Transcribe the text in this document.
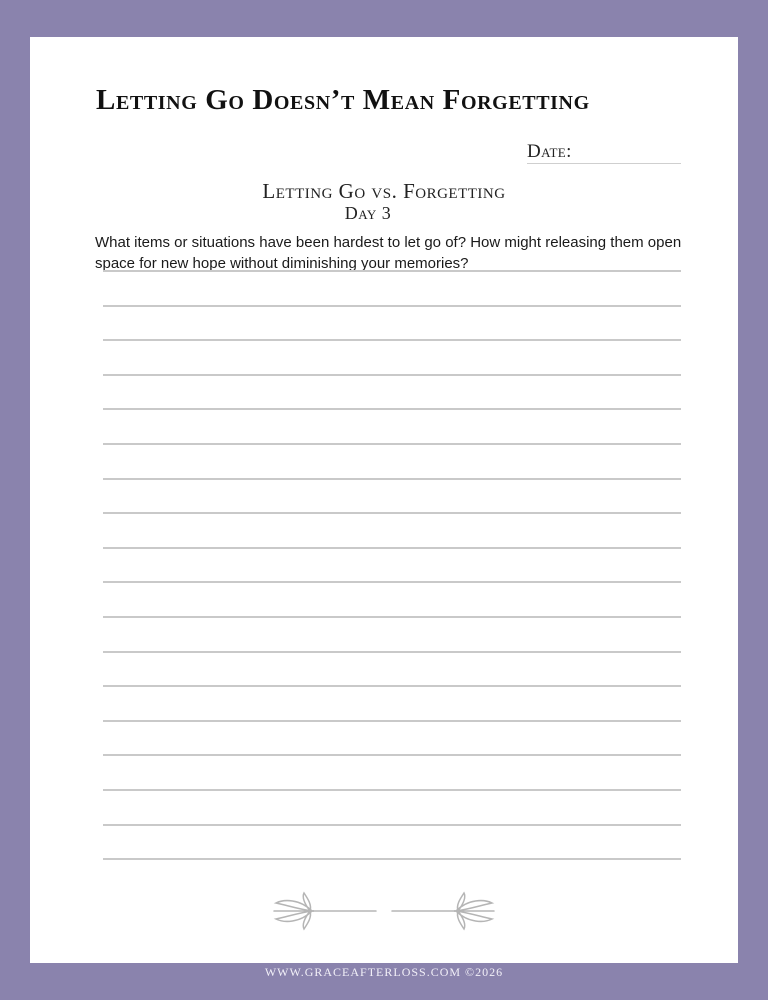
Letting Go Doesn’t Mean Forgetting
Date:
Letting Go vs. Forgetting
Day 3

What items or situations have been hardest to let go of? How might releasing them open space for new hope without diminishing your memories?

WWW.GRACEAFTERLOSS.COM ©2026
